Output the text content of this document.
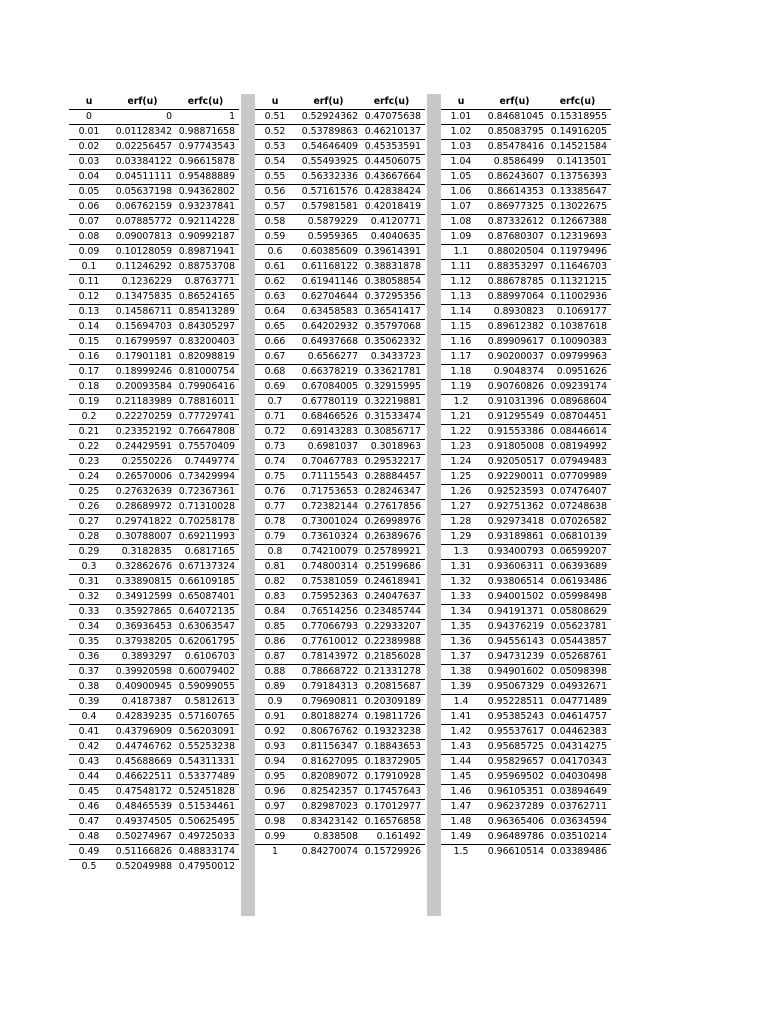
u	erf(u)	erfc(u)
0	0	1
0.01	0.01128342	0.98871658
0.02	0.02256457	0.97743543
0.03	0.03384122	0.96615878
0.04	0.04511111	0.95488889
0.05	0.05637198	0.94362802
0.06	0.06762159	0.93237841
0.07	0.07885772	0.92114228
0.08	0.09007813	0.90992187
0.09	0.10128059	0.89871941
0.1	0.11246292	0.88753708
0.11	0.1236229	0.8763771
0.12	0.13475835	0.86524165
0.13	0.14586711	0.85413289
0.14	0.15694703	0.84305297
0.15	0.16799597	0.83200403
0.16	0.17901181	0.82098819
0.17	0.18999246	0.81000754
0.18	0.20093584	0.79906416
0.19	0.21183989	0.78816011
0.2	0.22270259	0.77729741
0.21	0.23352192	0.76647808
0.22	0.24429591	0.75570409
0.23	0.2550226	0.7449774
0.24	0.26570006	0.73429994
0.25	0.27632639	0.72367361
0.26	0.28689972	0.71310028
0.27	0.29741822	0.70258178
0.28	0.30788007	0.69211993
0.29	0.3182835	0.6817165
0.3	0.32862676	0.67137324
0.31	0.33890815	0.66109185
0.32	0.34912599	0.65087401
0.33	0.35927865	0.64072135
0.34	0.36936453	0.63063547
0.35	0.37938205	0.62061795
0.36	0.3893297	0.6106703
0.37	0.39920598	0.60079402
0.38	0.40900945	0.59099055
0.39	0.4187387	0.5812613
0.4	0.42839235	0.57160765
0.41	0.43796909	0.56203091
0.42	0.44746762	0.55253238
0.43	0.45688669	0.54311331
0.44	0.46622511	0.53377489
0.45	0.47548172	0.52451828
0.46	0.48465539	0.51534461
0.47	0.49374505	0.50625495
0.48	0.50274967	0.49725033
0.49	0.51166826	0.48833174
0.5	0.52049988	0.47950012
u	erf(u)	erfc(u)
0.51	0.52924362	0.47075638
0.52	0.53789863	0.46210137
0.53	0.54646409	0.45353591
0.54	0.55493925	0.44506075
0.55	0.56332336	0.43667664
0.56	0.57161576	0.42838424
0.57	0.57981581	0.42018419
0.58	0.5879229	0.4120771
0.59	0.5959365	0.4040635
0.6	0.60385609	0.39614391
0.61	0.61168122	0.38831878
0.62	0.61941146	0.38058854
0.63	0.62704644	0.37295356
0.64	0.63458583	0.36541417
0.65	0.64202932	0.35797068
0.66	0.64937668	0.35062332
0.67	0.6566277	0.3433723
0.68	0.66378219	0.33621781
0.69	0.67084005	0.32915995
0.7	0.67780119	0.32219881
0.71	0.68466526	0.31533474
0.72	0.69143283	0.30856717
0.73	0.6981037	0.3018963
0.74	0.70467783	0.29532217
0.75	0.71115543	0.28884457
0.76	0.71753653	0.28246347
0.77	0.72382144	0.27617856
0.78	0.73001024	0.26998976
0.79	0.73610324	0.26389676
0.8	0.74210079	0.25789921
0.81	0.74800314	0.25199686
0.82	0.75381059	0.24618941
0.83	0.75952363	0.24047637
0.84	0.76514256	0.23485744
0.85	0.77066793	0.22933207
0.86	0.77610012	0.22389988
0.87	0.78143972	0.21856028
0.88	0.78668722	0.21331278
0.89	0.79184313	0.20815687
0.9	0.79690811	0.20309189
0.91	0.80188274	0.19811726
0.92	0.80676762	0.19323238
0.93	0.81156347	0.18843653
0.94	0.81627095	0.18372905
0.95	0.82089072	0.17910928
0.96	0.82542357	0.17457643
0.97	0.82987023	0.17012977
0.98	0.83423142	0.16576858
0.99	0.838508	0.161492
1	0.84270074	0.15729926
u	erf(u)	erfc(u)
1.01	0.84681045	0.15318955
1.02	0.85083795	0.14916205
1.03	0.85478416	0.14521584
1.04	0.8586499	0.1413501
1.05	0.86243607	0.13756393
1.06	0.86614353	0.13385647
1.07	0.86977325	0.13022675
1.08	0.87332612	0.12667388
1.09	0.87680307	0.12319693
1.1	0.88020504	0.11979496
1.11	0.88353297	0.11646703
1.12	0.88678785	0.11321215
1.13	0.88997064	0.11002936
1.14	0.8930823	0.1069177
1.15	0.89612382	0.10387618
1.16	0.89909617	0.10090383
1.17	0.90200037	0.09799963
1.18	0.9048374	0.0951626
1.19	0.90760826	0.09239174
1.2	0.91031396	0.08968604
1.21	0.91295549	0.08704451
1.22	0.91553386	0.08446614
1.23	0.91805008	0.08194992
1.24	0.92050517	0.07949483
1.25	0.92290011	0.07709989
1.26	0.92523593	0.07476407
1.27	0.92751362	0.07248638
1.28	0.92973418	0.07026582
1.29	0.93189861	0.06810139
1.3	0.93400793	0.06599207
1.31	0.93606311	0.06393689
1.32	0.93806514	0.06193486
1.33	0.94001502	0.05998498
1.34	0.94191371	0.05808629
1.35	0.94376219	0.05623781
1.36	0.94556143	0.05443857
1.37	0.94731239	0.05268761
1.38	0.94901602	0.05098398
1.39	0.95067329	0.04932671
1.4	0.95228511	0.04771489
1.41	0.95385243	0.04614757
1.42	0.95537617	0.04462383
1.43	0.95685725	0.04314275
1.44	0.95829657	0.04170343
1.45	0.95969502	0.04030498
1.46	0.96105351	0.03894649
1.47	0.96237289	0.03762711
1.48	0.96365406	0.03634594
1.49	0.96489786	0.03510214
1.5	0.96610514	0.03389486
